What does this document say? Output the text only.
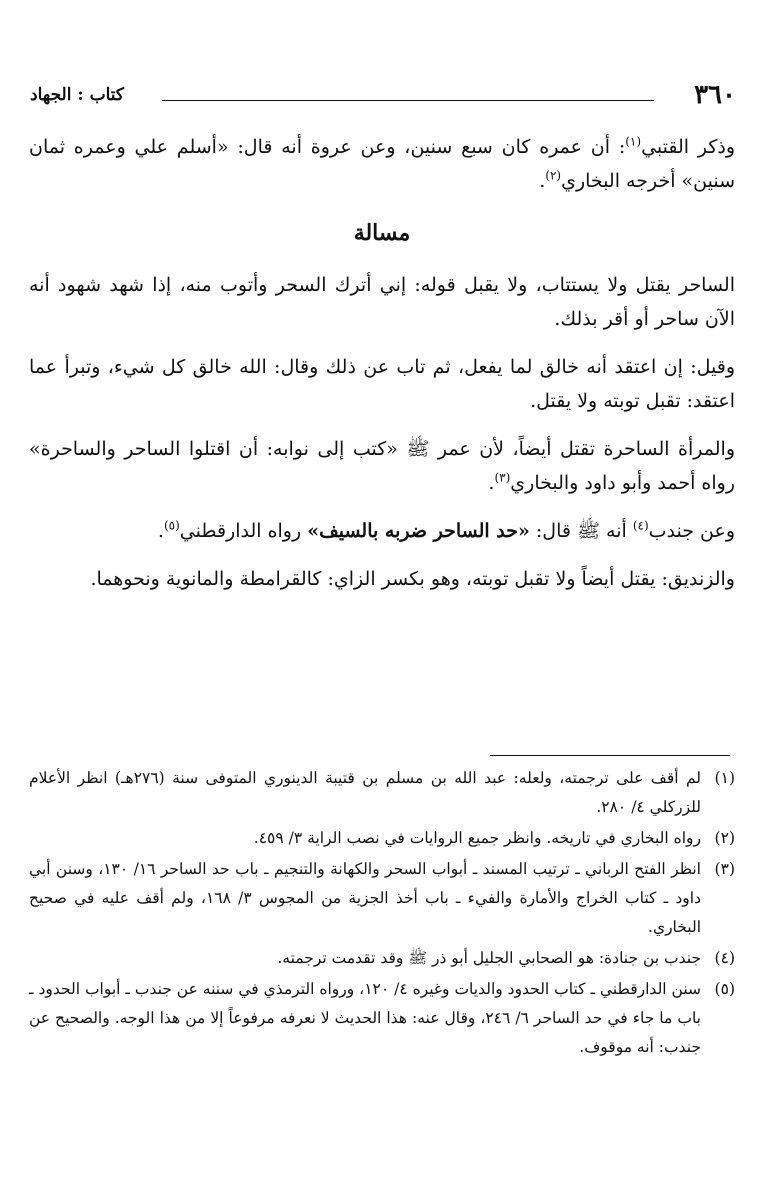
٣٦٠
كتاب : الجهاد

وذكر القتبي$^{(١)}$: أن عمره كان سبع سنين، وعن عروة أنه قال: «أسلم علي وعمره ثمان سنين» أخرجه البخاري$^{(٢)}$.

مسالة

الساحر يقتل ولا يستتاب، ولا يقبل قوله: إني أترك السحر وأتوب منه، إذا شهد شهود أنه الآن ساحر أو أقر بذلك.

وقيل: إن اعتقد أنه خالق لما يفعل، ثم تاب عن ذلك وقال: الله خالق كل شيء، وتبرأ عما اعتقد: تقبل توبته ولا يقتل.

والمرأة الساحرة تقتل أيضاً، لأن عمر ﷺ «كتب إلى نوابه: أن اقتلوا الساحر والساحرة» رواه أحمد وأبو داود والبخاري$^{(٣)}$.

وعن جندب$^{(٤)}$ أنه ﷺ قال: «حد الساحر ضربه بالسيف» رواه الدارقطني$^{(٥)}$.

والزنديق: يقتل أيضاً ولا تقبل توبته، وهو بكسر الزاي: كالقرامطة والمانوية ونحوهما.

(١)
لم أقف على ترجمته، ولعله: عبد الله بن مسلم بن قتيبة الدينوري المتوفى سنة (٢٧٦هـ) انظر الأعلام للزركلي ٤/ ٢٨٠.
(٢)
رواه البخاري في تاريخه. وانظر جميع الروايات في نصب الراية ٣/ ٤٥٩.
(٣)
انظر الفتح الرباني ـ ترتيب المسند ـ أبواب السحر والكهانة والتنجيم ـ باب حد الساحر ١٦/ ١٣٠، وسنن أبي داود ـ كتاب الخراج والأمارة والفيء ـ باب أخذ الجزية من المجوس ٣/ ١٦٨، ولم أقف عليه في صحيح البخاري.
(٤)
جندب بن جنادة: هو الصحابي الجليل أبو ذر ﷺ وقد تقدمت ترجمته.
(٥)
سنن الدارقطني ـ كتاب الحدود والديات وغيره ٤/ ١٢٠، ورواه الترمذي في سننه عن جندب ـ أبواب الحدود ـ باب ما جاء في حد الساحر ٦/ ٢٤٦، وقال عنه: هذا الحديث لا نعرفه مرفوعاً إلا من هذا الوجه. والصحيح عن جندب: أنه موقوف.
